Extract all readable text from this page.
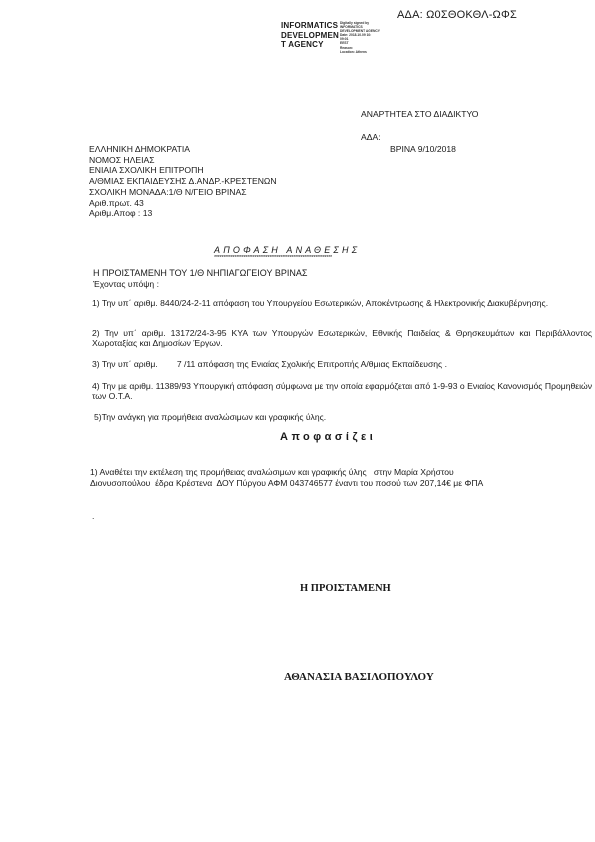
ΑΔΑ: Ω0ΣΘΟΚΘΛ-ΩΦΣ
INFORMATICS
DEVELOPMEN
T AGENCY
Digitally signed by
INFORMATICS
DEVELOPMENT AGENCY
Date: 2018.10.09 10:
09:01
EEST
Reason:
Location: Athens
ΑΝΑΡΤΗΤΕΑ ΣΤΟ ΔΙΑΔΙΚΤΥΟ
ΑΔΑ:
ΒΡΙΝΑ 9/10/2018
ΕΛΛΗΝΙΚΗ ΔΗΜΟΚΡΑΤΙΑ
ΝΟΜΟΣ ΗΛΕΙΑΣ
ΕΝΙΑΙΑ ΣΧΟΛΙΚΗ ΕΠΙΤΡΟΠΗ
Α/ΘΜΙΑΣ ΕΚΠΑΙΔΕΥΣΗΣ Δ.ΑΝΔΡ.-ΚΡΕΣΤΕΝΩΝ
ΣΧΟΛΙΚΗ ΜΟΝΑΔΑ:1/Θ Ν/ΓΕΙΟ ΒΡΙΝΑΣ
Αριθ.πρωτ. 43
Αριθμ.Αποφ : 13
ΑΠΟΦΑΣΗ ΑΝΑΘΕΣΗΣ
****************************************************************
Η ΠΡΟΙΣΤΑΜΕΝΗ ΤΟΥ 1/Θ ΝΗΠΙΑΓΩΓΕΙΟΥ ΒΡΙΝΑΣ
Έχοντας υπόψη :
1) Την υπ΄ αριθμ. 8440/24-2-11 απόφαση του Υπουργείου Εσωτερικών, Αποκέντρωσης & Ηλεκτρονικής Διακυβέρνησης.
2) Την υπ΄ αριθμ. 13172/24-3-95 ΚΥΑ των Υπουργών Εσωτερικών, Εθνικής Παιδείας & Θρησκευμάτων και Περιβάλλοντος Χωροταξίας και Δημοσίων Έργων.
3) Την υπ΄ αριθμ.        7 /11 απόφαση της Ενιαίας Σχολικής Επιτροπής Α/θμιας Εκπαίδευσης .
4) Την με αριθμ. 11389/93 Υπουργική απόφαση σύμφωνα με την οποία εφαρμόζεται από 1-9-93 ο Ενιαίος Κανονισμός Προμηθειών των Ο.Τ.Α.
5)Την ανάγκη για προμήθεια αναλώσιμων και γραφικής ύλης.
Αποφασίζει
1) Αναθέτει την εκτέλεση της προμήθειας αναλώσιμων και γραφικής ύλης   στην Μαρία Χρήστου
Διονυσοπούλου  έδρα Κρέστενα  ΔΟΥ Πύργου ΑΦΜ 043746577 έναντι του ποσού των 207,14€ με ΦΠΑ
.
Η ΠΡΟΙΣΤΑΜΕΝΗ
ΑΘΑΝΑΣΙΑ ΒΑΣΙΛΟΠΟΥΛΟΥ
